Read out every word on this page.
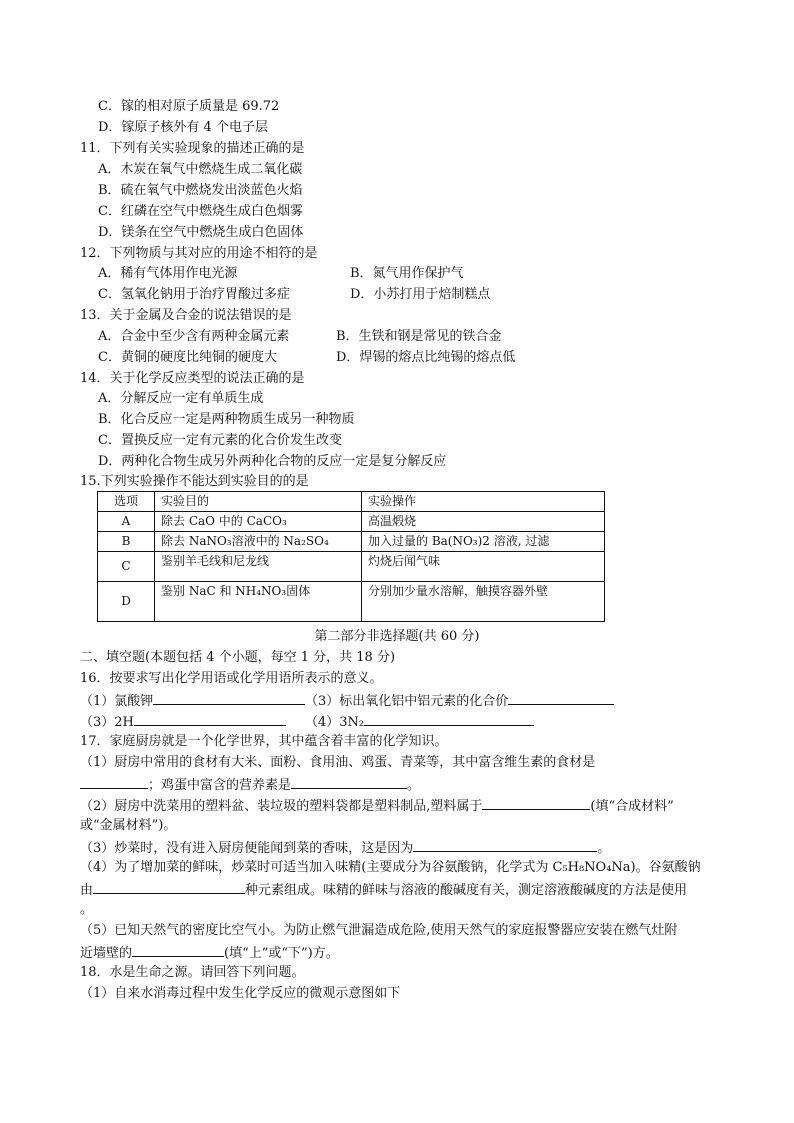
C．镓的相对原子质量是 69.72
D．镓原子核外有 4 个电子层
11．下列有关实验现象的描述正确的是
A．木炭在氧气中燃烧生成二氧化碳
B．硫在氧气中燃烧发出淡蓝色火焰
C．红磷在空气中燃烧生成白色烟雾
D．镁条在空气中燃烧生成白色固体
12．下列物质与其对应的用途不相符的是
A．稀有气体用作电光源	B．氮气用作保护气
C．氢氧化钠用于治疗胃酸过多症	D．小苏打用于焙制糕点
13．关于金属及合金的说法错误的是
A．合金中至少含有两种金属元素	B．生铁和钢是常见的铁合金
C．黄铜的硬度比纯铜的硬度大	D．焊锡的熔点比纯锡的熔点低
14．关于化学反应类型的说法正确的是
A．分解反应一定有单质生成
B．化合反应一定是两种物质生成另一种物质
C．置换反应一定有元素的化合价发生改变
D．两种化合物生成另外两种化合物的反应一定是复分解反应
15.下列实验操作不能达到实验目的的是
选项	实验目的	实验操作
A	除去 CaO 中的 CaCO₃	高温煅烧
B	除去 NaNO₃溶液中的 Na₂SO₄	加入过量的 Ba(NO₃)2 溶液, 过滤
C	鉴别羊毛线和尼龙线	灼烧后闻气味
D	鉴别 NaC 和 NH₄NO₃固体	分别加少量水溶解，触摸容器外壁
第二部分非选择题(共 60 分)
二、填空题(本题包括 4 个小题，每空 1 分，共 18 分)
16．按要求写出化学用语或化学用语所表示的意义。
（1）氯酸钾	（3）标出氧化铝中铝元素的化合价
（3）2H	（4）3N₂
17．家庭厨房就是一个化学世界，其中蕴含着丰富的化学知识。
（1）厨房中常用的食材有大米、面粉、食用油、鸡蛋、青菜等，其中富含维生素的食材是
；鸡蛋中富含的营养素是	。
（2）厨房中洗菜用的塑料盆、装垃圾的塑料袋都是塑料制品,塑料属于	(填“合成材料”
或“金属材料”)。
（3）炒菜时，没有进入厨房便能闻到菜的香味，这是因为	。
（4）为了增加菜的鲜味，炒菜时可适当加入味精(主要成分为谷氨酸钠，化学式为 C₅H₈NO₄Na)。谷氨酸钠
由	种元素组成。味精的鲜味与溶液的酸碱度有关，测定溶液酸碱度的方法是使用
。
（5）已知天然气的密度比空气小。为防止燃气泄漏造成危险,使用天然气的家庭报警器应安装在燃气灶附
近墙壁的	(填“上”或“下”)方。
18．水是生命之源。请回答下列问题。
（1）自来水消毒过程中发生化学反应的微观示意图如下
